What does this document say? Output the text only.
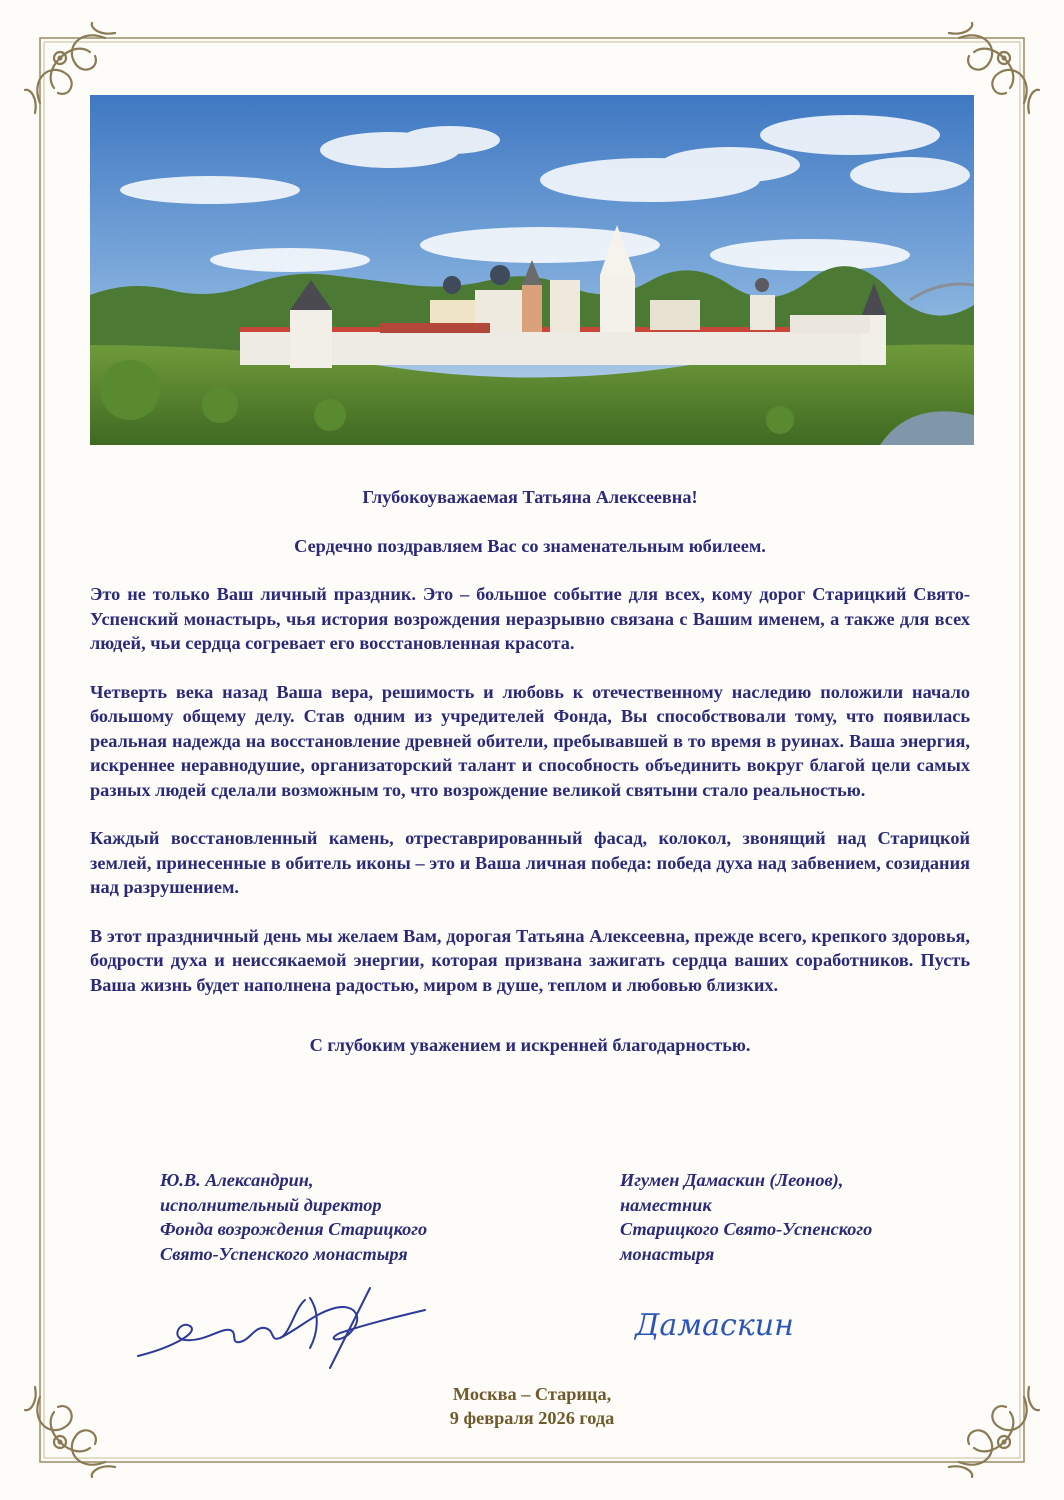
Глубокоуважаемая Татьяна Алексеевна!
Сердечно поздравляем Вас со знаменательным юбилеем.

Это не только Ваш личный праздник. Это – большое событие для всех, кому дорог Старицкий Свято-Успенский монастырь, чья история возрождения неразрывно связана с Вашим именем, а также для всех людей, чьи сердца согревает его восстановленная красота.

Четверть века назад Ваша вера, решимость и любовь к отечественному наследию положили начало большому общему делу. Став одним из учредителей Фонда, Вы способствовали тому, что появилась реальная надежда на восстановление древней обители, пребывавшей в то время в руинах. Ваша энергия, искреннее неравнодушие, организаторский талант и способность объединить вокруг благой цели самых разных людей сделали возможным то, что возрождение великой святыни стало реальностью.

Каждый восстановленный камень, отреставрированный фасад, колокол, звонящий над Старицкой землей, принесенные в обитель иконы – это и Ваша личная победа: победа духа над забвением, созидания над разрушением.

В этот праздничный день мы желаем Вам, дорогая Татьяна Алексеевна, прежде всего, крепкого здоровья, бодрости духа и неиссякаемой энергии, которая призвана зажигать сердца ваших соработников. Пусть Ваша жизнь будет наполнена радостью, миром в душе, теплом и любовью близких.

С глубоким уважением и искренней благодарностью.
Ю.В. Александрин,
исполнительный директор
Фонда возрождения Старицкого
Свято-Успенского монастыря
Игумен Дамаскин (Леонов),
наместник
Старицкого Свято-Успенского
монастыря
Дамаскин
Москва – Старица,
9 февраля 2026 года
